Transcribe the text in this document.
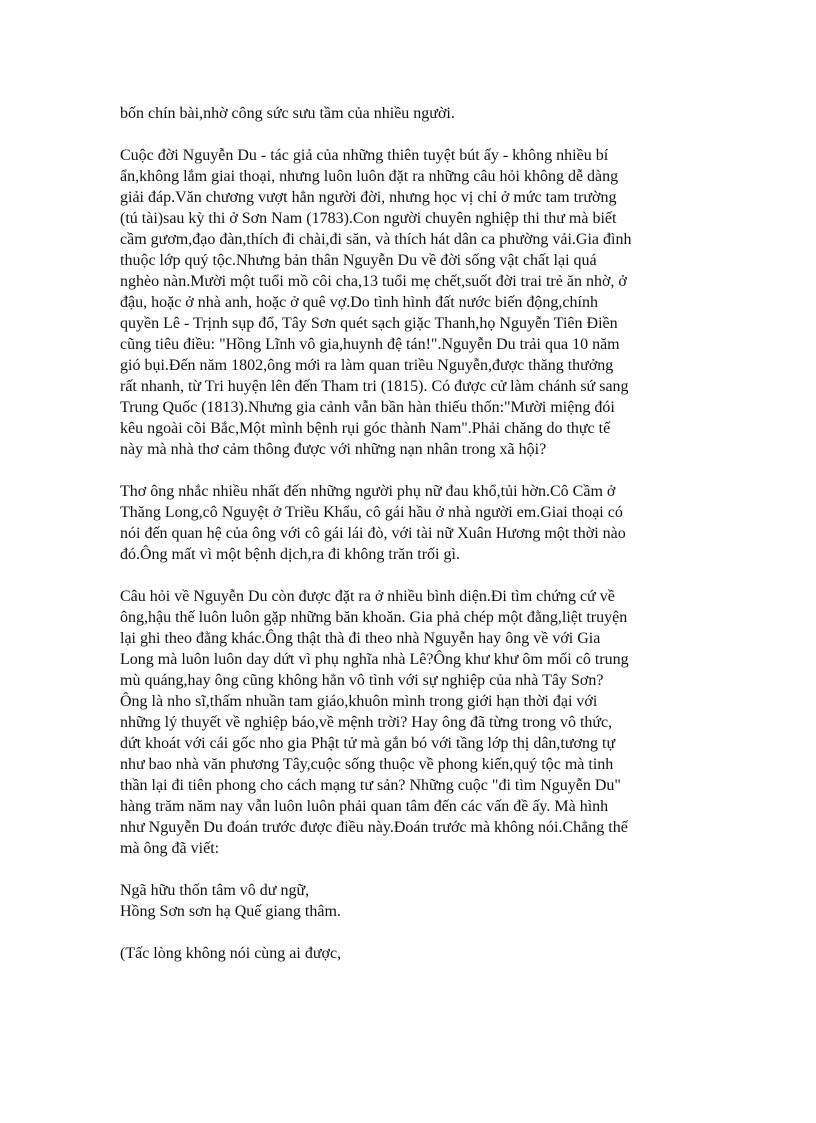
bốn chín bài,nhờ công sức sưu tầm của nhiều người.
Cuộc đời Nguyễn Du - tác giả của những thiên tuyệt bút ấy - không nhiều bí
ẩn,không lắm giai thoại, nhưng luôn luôn đặt ra những câu hỏi không dễ dàng
giải đáp.Văn chương vượt hẳn người đời, nhưng học vị chỉ ở mức tam trường
(tú tài)sau kỳ thi ở Sơn Nam (1783).Con người chuyên nghiệp thi thư mà biết
cầm gươm,đạo đàn,thích đi chài,đi săn, và thích hát dân ca phường vải.Gia đình
thuộc lớp quý tộc.Nhưng bản thân Nguyễn Du về đời sống vật chất lại quá
nghèo nàn.Mười một tuổi mồ côi cha,13 tuổi mẹ chết,suốt đời trai trẻ ăn nhờ, ở
đậu, hoặc ở nhà anh, hoặc ở quê vợ.Do tình hình đất nước biến động,chính
quyền Lê - Trịnh sụp đổ, Tây Sơn quét sạch giặc Thanh,họ Nguyễn Tiên Điền
cũng tiêu điều: "Hồng Lĩnh vô gia,huynh đệ tán!".Nguyễn Du trải qua 10 năm
gió bụi.Đến năm 1802,ông mới ra làm quan triều Nguyễn,được thăng thưởng
rất nhanh, từ Tri huyện lên đến Tham tri (1815). Có được cử làm chánh sứ sang
Trung Quốc (1813).Nhưng gia cảnh vẫn bần hàn thiếu thốn:"Mười miệng đói
kêu ngoài cõi Bắc,Một mình bệnh rụi góc thành Nam".Phải chăng do thực tế
này mà nhà thơ cảm thông được với những nạn nhân trong xã hội?
Thơ ông nhắc nhiều nhất đến những người phụ nữ đau khổ,tủi hờn.Cô Cầm ở
Thăng Long,cô Nguyệt ở Triều Khẩu, cô gái hầu ở nhà người em.Giai thoại có
nói đến quan hệ của ông với cô gái lái đò, với tài nữ Xuân Hương một thời nào
đó.Ông mất vì một bệnh dịch,ra đi không trăn trối gì.
Câu hỏi về Nguyễn Du còn được đặt ra ở nhiều bình diện.Đi tìm chứng cứ về
ông,hậu thế luôn luôn gặp những băn khoăn. Gia phả chép một đằng,liệt truyện
lại ghi theo đằng khác.Ông thật thà đi theo nhà Nguyễn hay ông về với Gia
Long mà luôn luôn day dứt vì phụ nghĩa nhà Lê?Ông khư khư ôm mối cô trung
mù quáng,hay ông cũng không hẳn vô tình với sự nghiệp của nhà Tây Sơn?
Ông là nho sĩ,thấm nhuần tam giáo,khuôn mình trong giới hạn thời đại với
những lý thuyết về nghiệp báo,về mệnh trời? Hay ông đã từng trong vô thức,
dứt khoát với cái gốc nho gia Phật tử mà gắn bó với tầng lớp thị dân,tương tự
như bao nhà văn phương Tây,cuộc sống thuộc về phong kiến,quý tộc mà tinh
thần lại đi tiên phong cho cách mạng tư sản? Những cuộc "đi tìm Nguyễn Du"
hàng trăm năm nay vẫn luôn luôn phải quan tâm đến các vấn đề ấy. Mà hình
như Nguyễn Du đoán trước được điều này.Đoán trước mà không nói.Chẳng thế
mà ông đã viết:
Ngã hữu thốn tâm vô dư ngữ,
Hồng Sơn sơn hạ Quế giang thâm.
(Tấc lòng không nói cùng ai được,
